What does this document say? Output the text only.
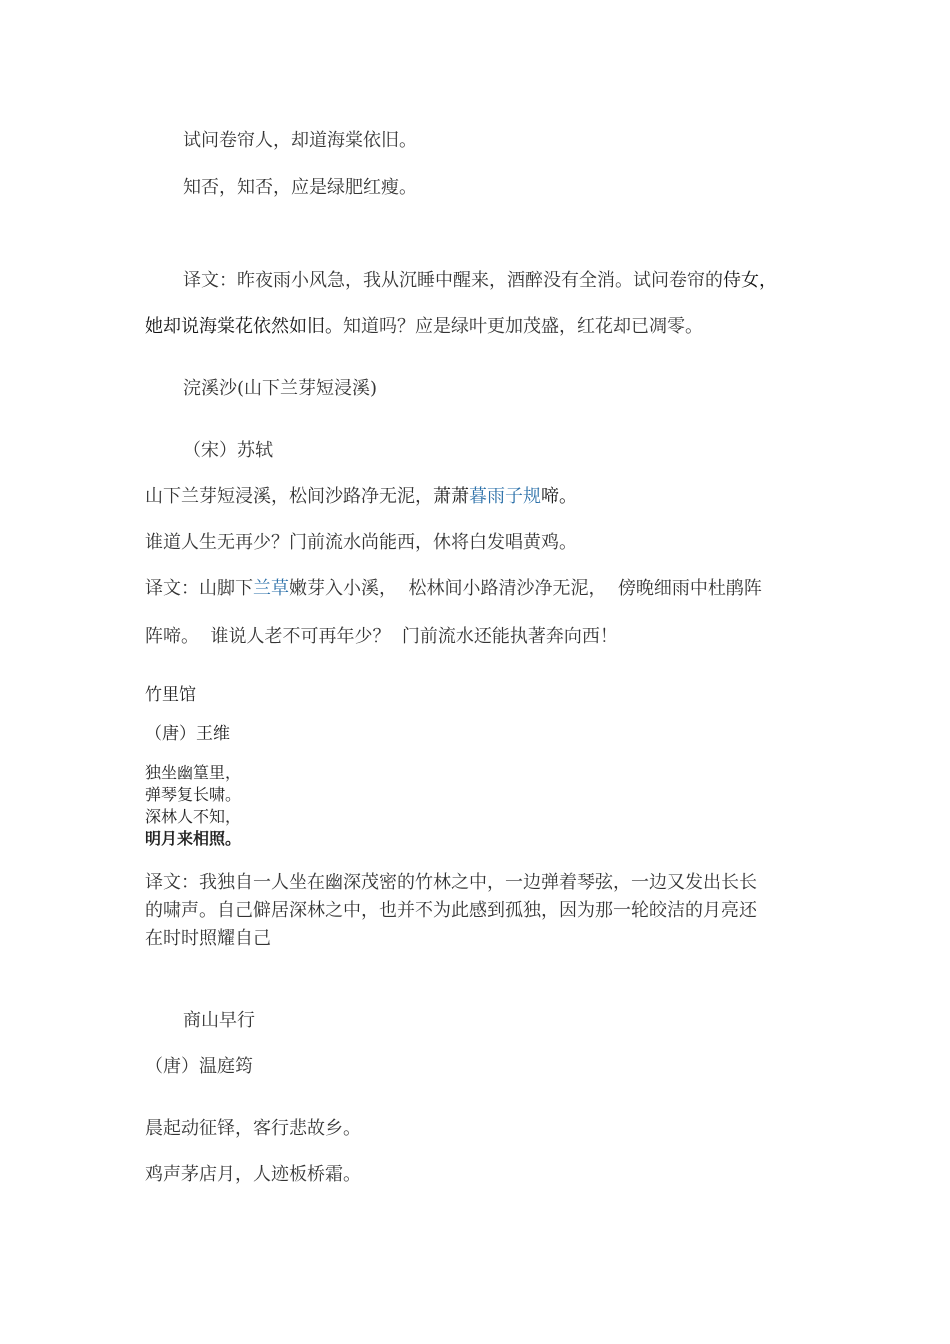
试问卷帘人，却道海棠依旧。
知否，知否，应是绿肥红瘦。
译文：昨夜雨小风急，我从沉睡中醒来，酒醉没有全消。试问卷帘的侍女，
她却说海棠花依然如旧。知道吗？应是绿叶更加茂盛，红花却已凋零。
浣溪沙(山下兰芽短浸溪)
（宋）苏轼
山下兰芽短浸溪，松间沙路净无泥，萧萧暮雨子规啼。
谁道人生无再少？门前流水尚能西，休将白发唱黄鸡。
译文：山脚下兰草嫩芽入小溪，  松林间小路清沙净无泥，  傍晚细雨中杜鹃阵
阵啼。  谁说人老不可再年少？  门前流水还能执著奔向西！
竹里馆
（唐）王维
独坐幽篁里，
弹琴复长啸。
深林人不知，
明月来相照。
译文：我独自一人坐在幽深茂密的竹林之中，一边弹着琴弦，一边又发出长长
的啸声。自己僻居深林之中，也并不为此感到孤独，因为那一轮皎洁的月亮还
在时时照耀自己
商山早行
（唐）温庭筠
晨起动征铎，客行悲故乡。
鸡声茅店月，人迹板桥霜。
